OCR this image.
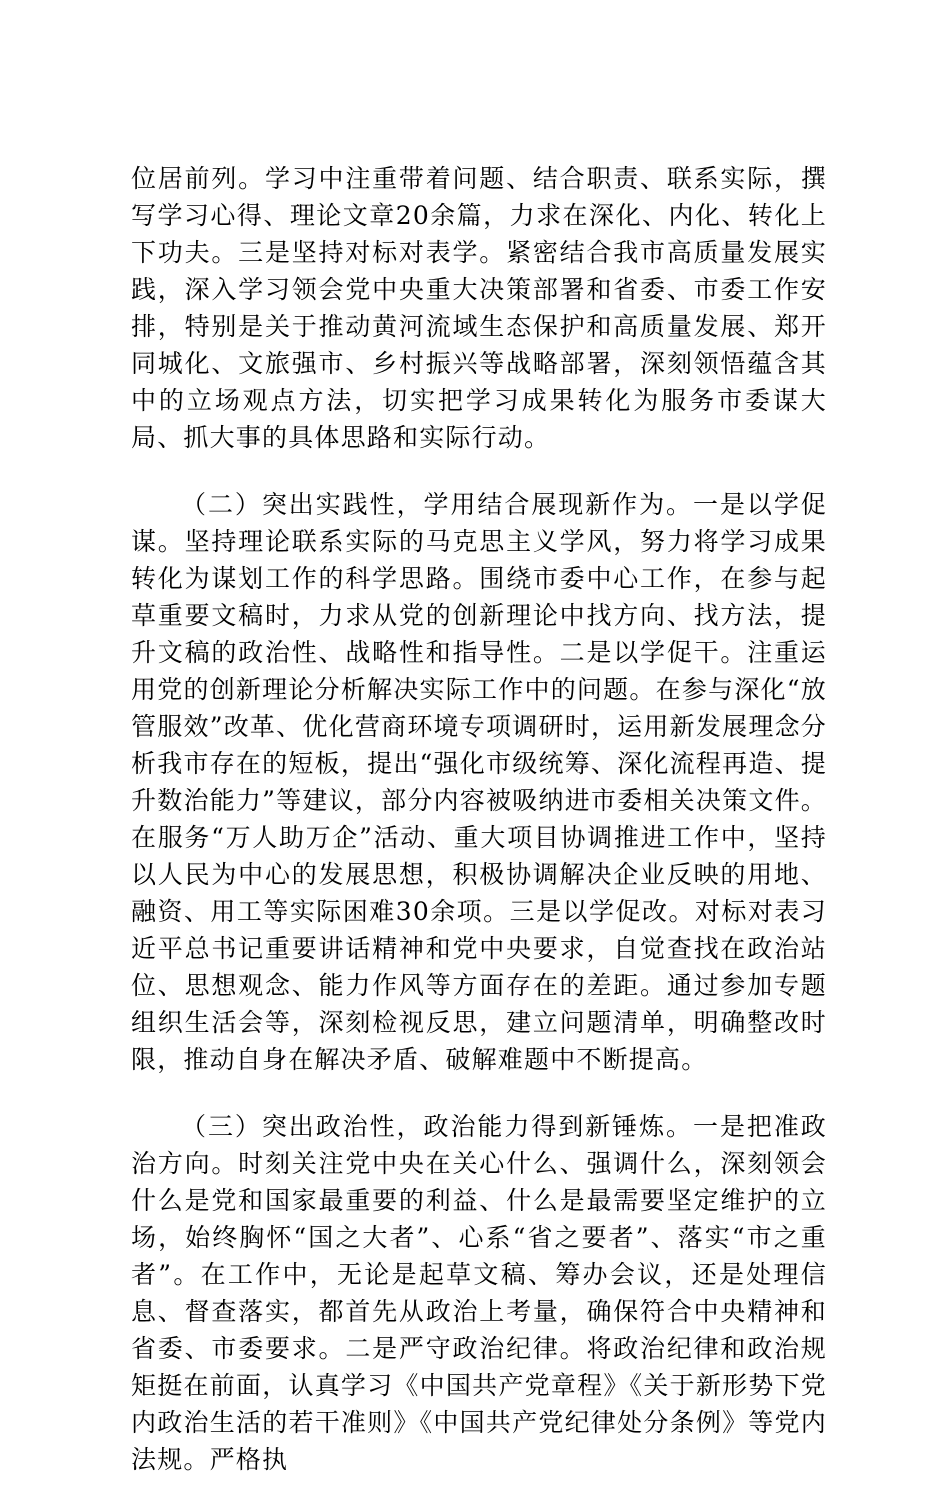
位居前列。学习中注重带着问题、结合职责、联系实际，撰写学习心得、理论文章20余篇，力求在深化、内化、转化上下功夫。三是坚持对标对表学。紧密结合我市高质量发展实践，深入学习领会党中央重大决策部署和省委、市委工作安排，特别是关于推动黄河流域生态保护和高质量发展、郑开同城化、文旅强市、乡村振兴等战略部署，深刻领悟蕴含其中的立场观点方法，切实把学习成果转化为服务市委谋大局、抓大事的具体思路和实际行动。

（二）突出实践性，学用结合展现新作为。一是以学促谋。坚持理论联系实际的马克思主义学风，努力将学习成果转化为谋划工作的科学思路。围绕市委中心工作，在参与起草重要文稿时，力求从党的创新理论中找方向、找方法，提升文稿的政治性、战略性和指导性。二是以学促干。注重运用党的创新理论分析解决实际工作中的问题。在参与深化“放管服效”改革、优化营商环境专项调研时，运用新发展理念分析我市存在的短板，提出“强化市级统筹、深化流程再造、提升数治能力”等建议，部分内容被吸纳进市委相关决策文件。在服务“万人助万企”活动、重大项目协调推进工作中，坚持以人民为中心的发展思想，积极协调解决企业反映的用地、融资、用工等实际困难30余项。三是以学促改。对标对表习近平总书记重要讲话精神和党中央要求，自觉查找在政治站位、思想观念、能力作风等方面存在的差距。通过参加专题组织生活会等，深刻检视反思，建立问题清单，明确整改时限，推动自身在解决矛盾、破解难题中不断提高。

（三）突出政治性，政治能力得到新锤炼。一是把准政治方向。时刻关注党中央在关心什么、强调什么，深刻领会什么是党和国家最重要的利益、什么是最需要坚定维护的立场，始终胸怀“国之大者”、心系“省之要者”、落实“市之重者”。在工作中，无论是起草文稿、筹办会议，还是处理信息、督查落实，都首先从政治上考量，确保符合中央精神和省委、市委要求。二是严守政治纪律。将政治纪律和政治规矩挺在前面，认真学习《中国共产党章程》《关于新形势下党内政治生活的若干准则》《中国共产党纪律处分条例》等党内法规。严格执
